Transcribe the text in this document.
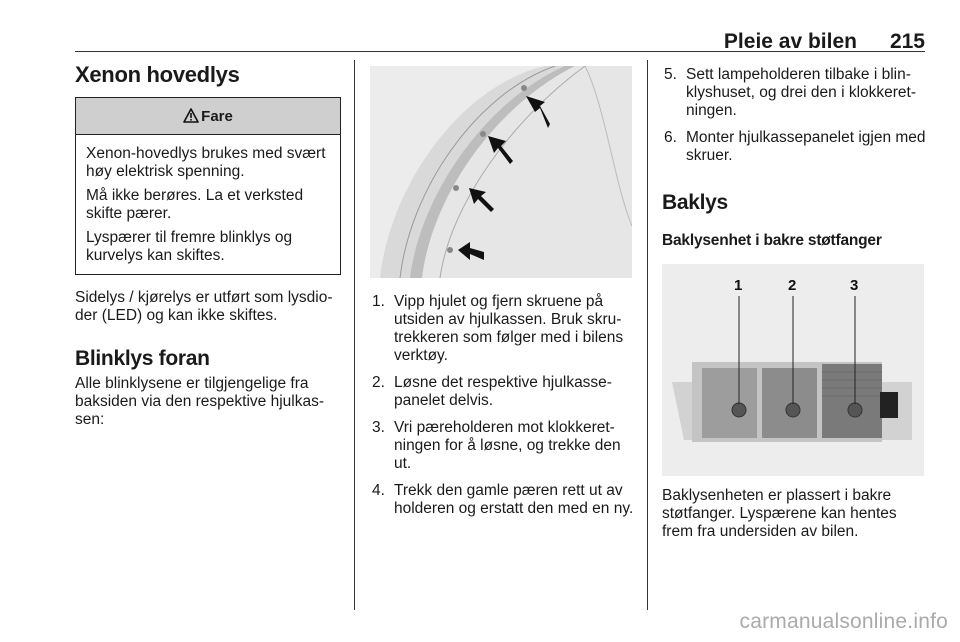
Pleie av bilen 215
Xenon hovedlys
Fare

Xenon-hovedlys brukes med svært høy elektrisk spenning.

Må ikke berøres. La et verksted skifte pærer.

Lyspærer til fremre blinklys og kurvelys kan skiftes.

Sidelys / kjørelys er utført som lysdio-der (LED) og kan ikke skiftes.
Blinklys foran
Alle blinklysene er tilgjengelige fra baksiden via den respektive hjulkas-sen:
1. Vipp hjulet og fjern skruene på utsiden av hjulkassen. Bruk skru-trekkeren som følger med i bilens verktøy.
2. Løsne det respektive hjulkasse-panelet delvis.
3. Vri pæreholderen mot klokkeret-ningen for å løsne, og trekke den ut.
4. Trekk den gamle pæren rett ut av holderen og erstatt den med en ny.
5. Sett lampeholderen tilbake i blin-klyshuset, og drei den i klokkeret-ningen.
6. Monter hjulkassepanelet igjen med skruer.
Baklys
Baklysenhet i bakre støtfanger
1	2	3
Baklysenheten er plassert i bakre støtfanger. Lyspærene kan hentes frem fra undersiden av bilen.
carmanualsonline.info
